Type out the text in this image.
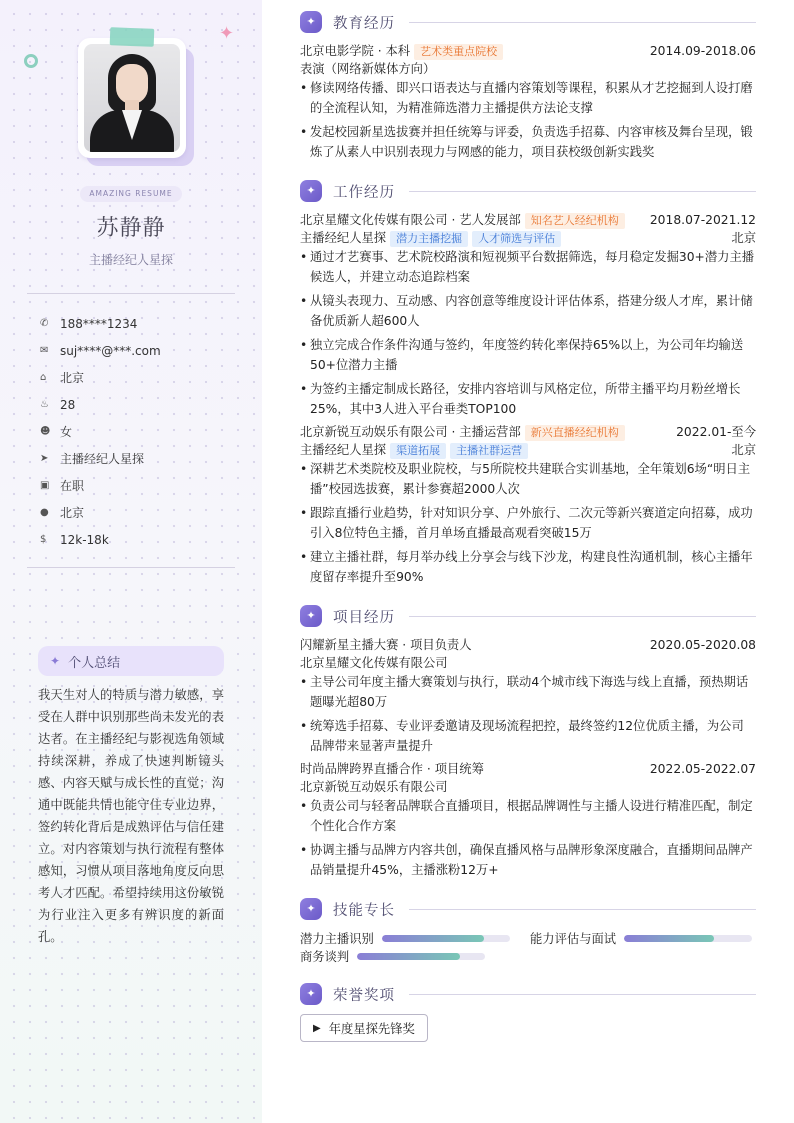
✦
AMAZING RESUME
苏静静
主播经纪人星探
✆ 188****1234
✉ suj****@***.com
⌂	北京
♨ 28
☻ 女
➤ 主播经纪人星探
▣ 在职
● 北京
$	12k-18k
✦ 个人总结
我天生对人的特质与潜力敏感，享受在人群中识别那些尚未发光的表达者。在主播经纪与影视选角领域持续深耕，养成了快速判断镜头感、内容天赋与成长性的直觉；沟通中既能共情也能守住专业边界，签约转化背后是成熟评估与信任建立。对内容策划与执行流程有整体感知，习惯从项目落地角度反向思考人才匹配。希望持续用这份敏锐为行业注入更多有辨识度的新面孔。
✦	教育经历
北京电影学院 · 本科 艺术类重点院校	2014.09-2018.06
表演（网络新媒体方向）
• 修读网络传播、即兴口语表达与直播内容策划等课程，积累从才艺挖掘到人设打磨的全流程认知，为精准筛选潜力主播提供方法论支撑
• 发起校园新星选拔赛并担任统筹与评委，负责选手招募、内容审核及舞台呈现，锻炼了从素人中识别表现力与网感的能力，项目获校级创新实践奖
✦	工作经历
北京星耀文化传媒有限公司 · 艺人发展部 知名艺人经纪机构	2018.07-2021.12
主播经纪人星探 潜力主播挖掘 人才筛选与评估	北京
• 通过才艺赛事、艺术院校路演和短视频平台数据筛选，每月稳定发掘30+潜力主播候选人，并建立动态追踪档案
• 从镜头表现力、互动感、内容创意等维度设计评估体系，搭建分级人才库，累计储备优质新人超600人
• 独立完成合作条件沟通与签约，年度签约转化率保持65%以上，为公司年均输送50+位潜力主播
• 为签约主播定制成长路径，安排内容培训与风格定位，所带主播平均月粉丝增长25%，其中3人进入平台垂类TOP100
北京新锐互动娱乐有限公司 · 主播运营部 新兴直播经纪机构	2022.01-至今
主播经纪人星探 渠道拓展 主播社群运营	北京
• 深耕艺术类院校及职业院校，与5所院校共建联合实训基地，全年策划6场“明日主播”校园选拔赛，累计参赛超2000人次
• 跟踪直播行业趋势，针对知识分享、户外旅行、二次元等新兴赛道定向招募，成功引入8位特色主播，首月单场直播最高观看突破15万
• 建立主播社群，每月举办线上分享会与线下沙龙，构建良性沟通机制，核心主播年度留存率提升至90%
✦	项目经历
闪耀新星主播大赛 · 项目负责人	2020.05-2020.08
北京星耀文化传媒有限公司
• 主导公司年度主播大赛策划与执行，联动4个城市线下海选与线上直播，预热期话题曝光超80万
• 统筹选手招募、专业评委邀请及现场流程把控，最终签约12位优质主播，为公司品牌带来显著声量提升
时尚品牌跨界直播合作 · 项目统筹	2022.05-2022.07
北京新锐互动娱乐有限公司
• 负责公司与轻奢品牌联合直播项目，根据品牌调性与主播人设进行精准匹配，制定个性化合作方案
• 协调主播与品牌方内容共创，确保直播风格与品牌形象深度融合，直播期间品牌产品销量提升45%，主播涨粉12万+
✦	技能专长
潜力主播识别	能力评估与面试
商务谈判
✦	荣誉奖项
▶ 年度星探先锋奖
